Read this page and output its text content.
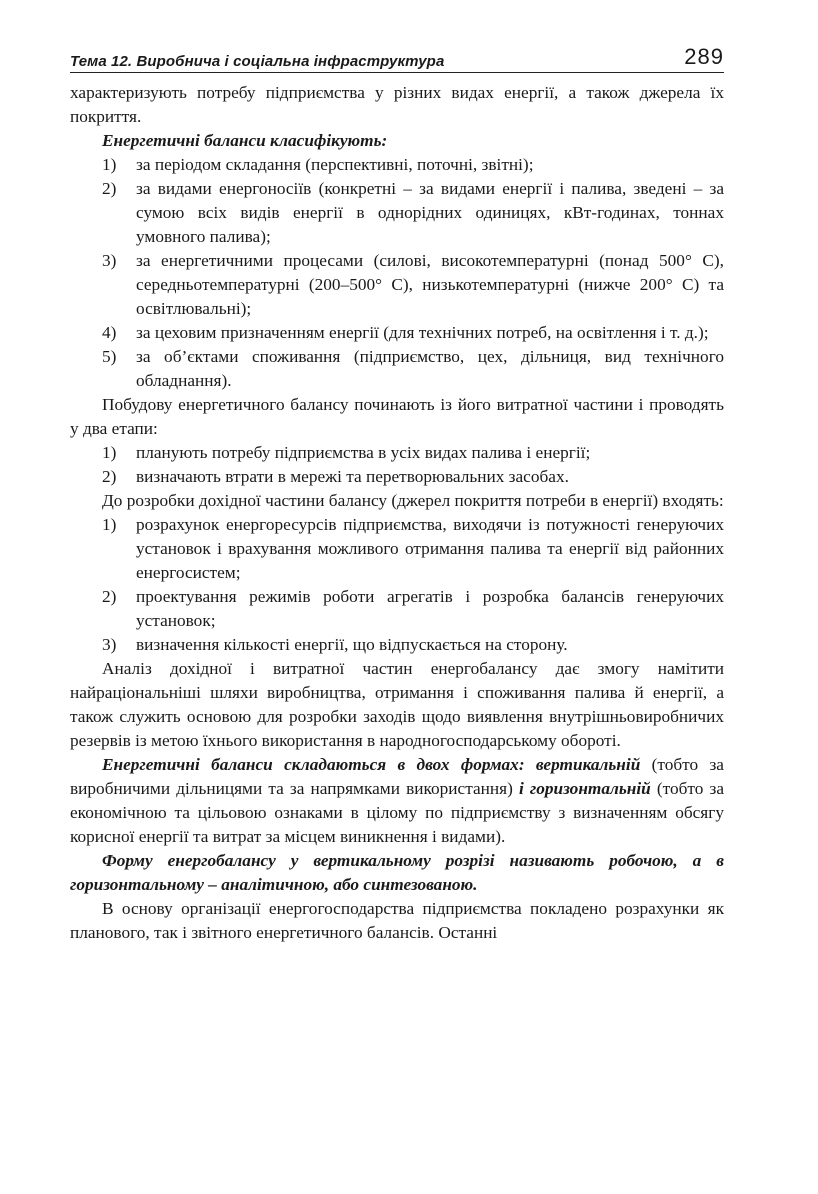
Тема 12. Виробнича і соціальна інфраструктура	289

характеризують потребу підприємства у різних видах енергії, а також джерела їх покриття.

Енергетичні баланси класифікують:

1) за періодом складання (перспективні, поточні, звітні);
2) за видами енергоносіїв (конкретні – за видами енергії і палива, зведені – за сумою всіх видів енергії в однорідних одиницях, кВт-годинах, тоннах умовного палива);
3) за енергетичними процесами (силові, високотемпературні (понад 500° С), середньотемпературні (200–500° С), низькотемпературні (нижче 200° С) та освітлювальні);
4) за цеховим призначенням енергії (для технічних потреб, на освітлення і т. д.);
5) за об’єктами споживання (підприємство, цех, дільниця, вид технічного обладнання).

Побудову енергетичного балансу починають із його витратної частини і проводять у два етапи:

1) планують потребу підприємства в усіх видах палива і енергії;
2) визначають втрати в мережі та перетворювальних засобах.

До розробки дохідної частини балансу (джерел покриття потреби в енергії) входять:

1) розрахунок енергоресурсів підприємства, виходячи із потужності генеруючих установок і врахування можливого отримання палива та енергії від районних енергосистем;
2) проектування режимів роботи агрегатів і розробка балансів генеруючих установок;
3) визначення кількості енергії, що відпускається на сторону.

Аналіз дохідної і витратної частин енергобалансу дає змогу намітити найраціональніші шляхи виробництва, отримання і споживання палива й енергії, а також служить основою для розробки заходів щодо виявлення внутрішньовиробничих резервів із метою їхнього використання в народногосподарському обороті.

Енергетичні баланси складаються в двох формах: вертикальній (тобто за виробничими дільницями та за напрямками використання) і горизонтальній (тобто за економічною та цільовою ознаками в цілому по підприємству з визначенням обсягу корисної енергії та витрат за місцем виникнення і видами).

Форму енергобалансу у вертикальному розрізі називають робочою, а в горизонтальному – аналітичною, або синтезованою.

В основу організації енергогосподарства підприємства покладено розрахунки як планового, так і звітного енергетичного балансів. Останні
